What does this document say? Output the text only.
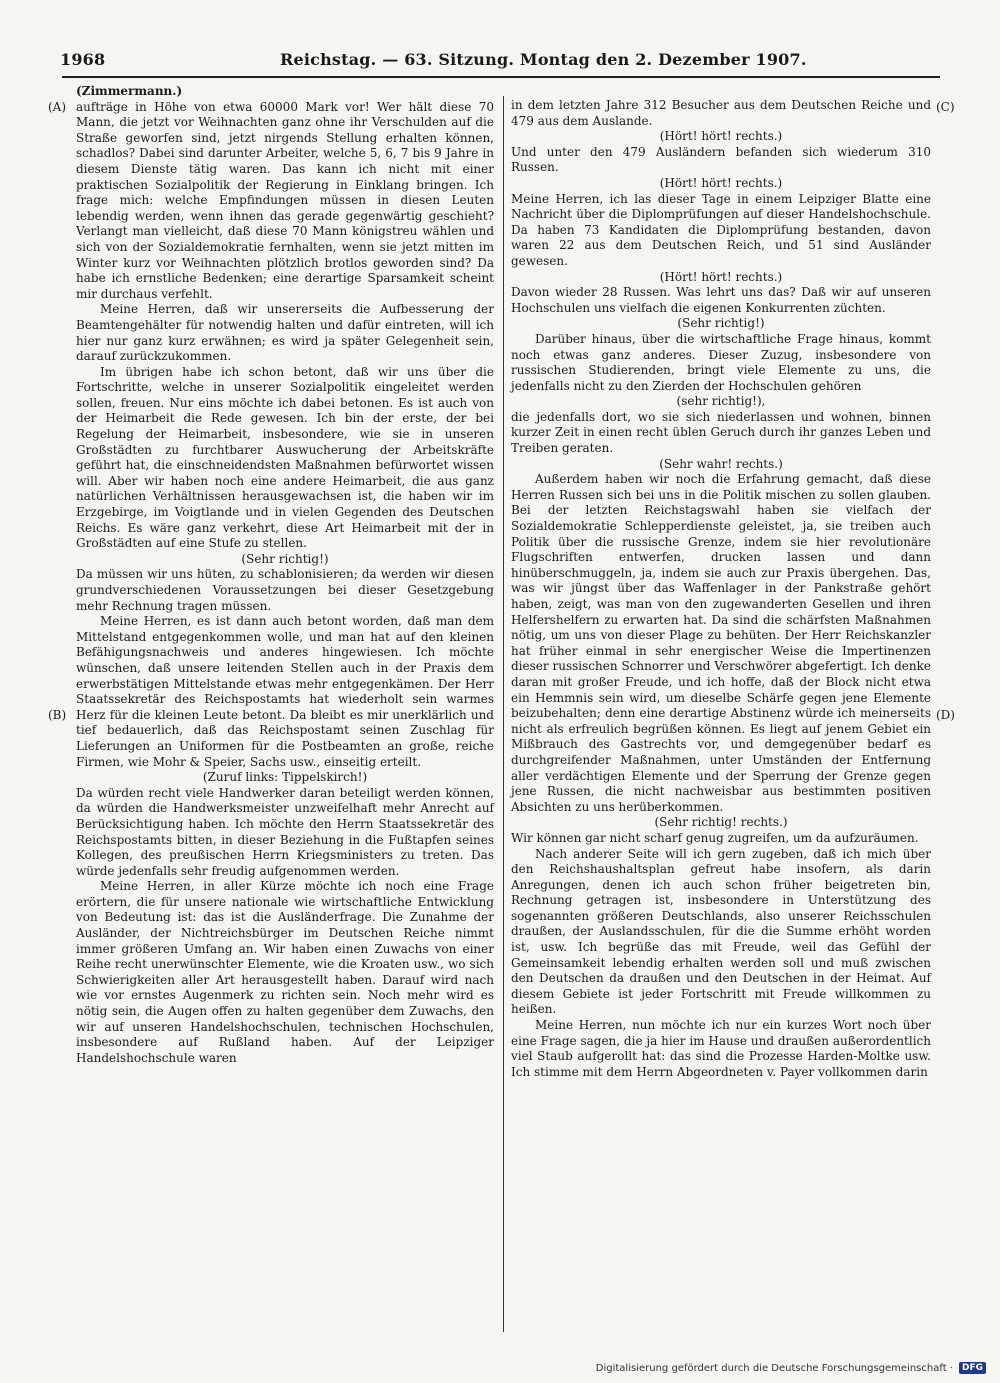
1968	Reichstag. — 63. Sitzung. Montag den 2. Dezember 1907.
(A)
(B)
(C)
(D)

(Zimmermann.)

aufträge in Höhe von etwa 60000 Mark vor! Wer hält diese 70 Mann, die jetzt vor Weihnachten ganz ohne ihr Verschulden auf die Straße geworfen sind, jetzt nirgends Stellung erhalten können, schadlos? Dabei sind darunter Arbeiter, welche 5, 6, 7 bis 9 Jahre in diesem Dienste tätig waren. Das kann ich nicht mit einer praktischen Sozialpolitik der Regierung in Einklang bringen. Ich frage mich: welche Empfindungen müssen in diesen Leuten lebendig werden, wenn ihnen das gerade gegenwärtig geschieht? Verlangt man vielleicht, daß diese 70 Mann königstreu wählen und sich von der Sozialdemokratie fernhalten, wenn sie jetzt mitten im Winter kurz vor Weihnachten plötzlich brotlos geworden sind? Da habe ich ernstliche Bedenken; eine derartige Sparsamkeit scheint mir durchaus verfehlt.

Meine Herren, daß wir unsererseits die Aufbesserung der Beamtengehälter für notwendig halten und dafür eintreten, will ich hier nur ganz kurz erwähnen; es wird ja später Gelegenheit sein, darauf zurückzukommen.

Im übrigen habe ich schon betont, daß wir uns über die Fortschritte, welche in unserer Sozialpolitik eingeleitet werden sollen, freuen. Nur eins möchte ich dabei betonen. Es ist auch von der Heimarbeit die Rede gewesen. Ich bin der erste, der bei Regelung der Heimarbeit, insbesondere, wie sie in unseren Großstädten zu furchtbarer Auswucherung der Arbeitskräfte geführt hat, die einschneidendsten Maßnahmen befürwortet wissen will. Aber wir haben noch eine andere Heimarbeit, die aus ganz natürlichen Verhältnissen herausgewachsen ist, die haben wir im Erzgebirge, im Voigtlande und in vielen Gegenden des Deutschen Reichs. Es wäre ganz verkehrt, diese Art Heimarbeit mit der in Großstädten auf eine Stufe zu stellen.

(Sehr richtig!)

Da müssen wir uns hüten, zu schablonisieren; da werden wir diesen grundverschiedenen Voraussetzungen bei dieser Gesetzgebung mehr Rechnung tragen müssen.

Meine Herren, es ist dann auch betont worden, daß man dem Mittelstand entgegenkommen wolle, und man hat auf den kleinen Befähigungsnachweis und anderes hingewiesen. Ich möchte wünschen, daß unsere leitenden Stellen auch in der Praxis dem erwerbstätigen Mittelstande etwas mehr entgegenkämen. Der Herr Staatssekretär des Reichspostamts hat wiederholt sein warmes Herz für die kleinen Leute betont. Da bleibt es mir unerklärlich und tief bedauerlich, daß das Reichspostamt seinen Zuschlag für Lieferungen an Uniformen für die Postbeamten an große, reiche Firmen, wie Mohr & Speier, Sachs usw., einseitig erteilt.

(Zuruf links: Tippelskirch!)

Da würden recht viele Handwerker daran beteiligt werden können, da würden die Handwerksmeister unzweifelhaft mehr Anrecht auf Berücksichtigung haben. Ich möchte den Herrn Staatssekretär des Reichspostamts bitten, in dieser Beziehung in die Fußtapfen seines Kollegen, des preußischen Herrn Kriegsministers zu treten. Das würde jedenfalls sehr freudig aufgenommen werden.

Meine Herren, in aller Kürze möchte ich noch eine Frage erörtern, die für unsere nationale wie wirtschaftliche Entwicklung von Bedeutung ist: das ist die Ausländerfrage. Die Zunahme der Ausländer, der Nichtreichsbürger im Deutschen Reiche nimmt immer größeren Umfang an. Wir haben einen Zuwachs von einer Reihe recht unerwünschter Elemente, wie die Kroaten usw., wo sich Schwierigkeiten aller Art herausgestellt haben. Darauf wird nach wie vor ernstes Augenmerk zu richten sein. Noch mehr wird es nötig sein, die Augen offen zu halten gegenüber dem Zuwachs, den wir auf unseren Handelshochschulen, technischen Hochschulen, insbesondere auf Rußland haben. Auf der Leipziger Handelshochschule waren

in dem letzten Jahre 312 Besucher aus dem Deutschen Reiche und 479 aus dem Auslande.

(Hört! hört! rechts.)

Und unter den 479 Ausländern befanden sich wiederum 310 Russen.

(Hört! hört! rechts.)

Meine Herren, ich las dieser Tage in einem Leipziger Blatte eine Nachricht über die Diplomprüfungen auf dieser Handelshochschule. Da haben 73 Kandidaten die Diplomprüfung bestanden, davon waren 22 aus dem Deutschen Reich, und 51 sind Ausländer gewesen.

(Hört! hört! rechts.)

Davon wieder 28 Russen. Was lehrt uns das? Daß wir auf unseren Hochschulen uns vielfach die eigenen Konkurrenten züchten.

(Sehr richtig!)

Darüber hinaus, über die wirtschaftliche Frage hinaus, kommt noch etwas ganz anderes. Dieser Zuzug, insbesondere von russischen Studierenden, bringt viele Elemente zu uns, die jedenfalls nicht zu den Zierden der Hochschulen gehören

(sehr richtig!),

die jedenfalls dort, wo sie sich niederlassen und wohnen, binnen kurzer Zeit in einen recht üblen Geruch durch ihr ganzes Leben und Treiben geraten.

(Sehr wahr! rechts.)

Außerdem haben wir noch die Erfahrung gemacht, daß diese Herren Russen sich bei uns in die Politik mischen zu sollen glauben. Bei der letzten Reichstagswahl haben sie vielfach der Sozialdemokratie Schlepperdienste geleistet, ja, sie treiben auch Politik über die russische Grenze, indem sie hier revolutionäre Flugschriften entwerfen, drucken lassen und dann hinüberschmuggeln, ja, indem sie auch zur Praxis übergehen. Das, was wir jüngst über das Waffenlager in der Pankstraße gehört haben, zeigt, was man von den zugewanderten Gesellen und ihren Helfershelfern zu erwarten hat. Da sind die schärfsten Maßnahmen nötig, um uns von dieser Plage zu behüten. Der Herr Reichskanzler hat früher einmal in sehr energischer Weise die Impertinenzen dieser russischen Schnorrer und Verschwörer abgefertigt. Ich denke daran mit großer Freude, und ich hoffe, daß der Block nicht etwa ein Hemmnis sein wird, um dieselbe Schärfe gegen jene Elemente beizubehalten; denn eine derartige Abstinenz würde ich meinerseits nicht als erfreulich begrüßen können. Es liegt auf jenem Gebiet ein Mißbrauch des Gastrechts vor, und demgegenüber bedarf es durchgreifender Maßnahmen, unter Umständen der Entfernung aller verdächtigen Elemente und der Sperrung der Grenze gegen jene Russen, die nicht nachweisbar aus bestimmten positiven Absichten zu uns herüberkommen.

(Sehr richtig! rechts.)

Wir können gar nicht scharf genug zugreifen, um da aufzuräumen.

Nach anderer Seite will ich gern zugeben, daß ich mich über den Reichshaushaltsplan gefreut habe insofern, als darin Anregungen, denen ich auch schon früher beigetreten bin, Rechnung getragen ist, insbesondere in Unterstützung des sogenannten größeren Deutschlands, also unserer Reichsschulen draußen, der Auslandsschulen, für die die Summe erhöht worden ist, usw. Ich begrüße das mit Freude, weil das Gefühl der Gemeinsamkeit lebendig erhalten werden soll und muß zwischen den Deutschen da draußen und den Deutschen in der Heimat. Auf diesem Gebiete ist jeder Fortschritt mit Freude willkommen zu heißen.

Meine Herren, nun möchte ich nur ein kurzes Wort noch über eine Frage sagen, die ja hier im Hause und draußen außerordentlich viel Staub aufgerollt hat: das sind die Prozesse Harden-Moltke usw. Ich stimme mit dem Herrn Abgeordneten v. Payer vollkommen darin

Digitalisierung gefördert durch die Deutsche Forschungsgemeinschaft ·	DFG
